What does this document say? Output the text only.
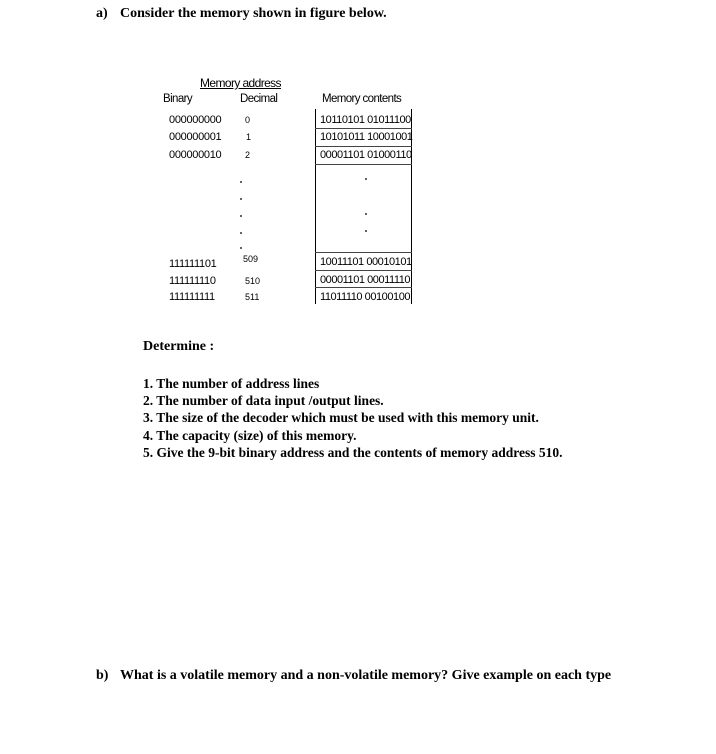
a) Consider the memory shown in figure below.
Memory address
Binary	Decimal	Memory contents
000000000	0	10110101 01011100
000000001	1	10101011 10001001
000000010	2	00001101 01000110
111111101	509	10011101 00010101
111111110	510	00001101 00011110
111111111	511	11011110 00100100
Determine :
1. The number of address lines
2. The number of data input /output lines.
3. The size of the decoder which must be used with this memory unit.
4. The capacity (size) of this memory.
5. Give the 9-bit binary address and the contents of memory address 510.
b) What is a volatile memory and a non-volatile memory? Give example on each type
